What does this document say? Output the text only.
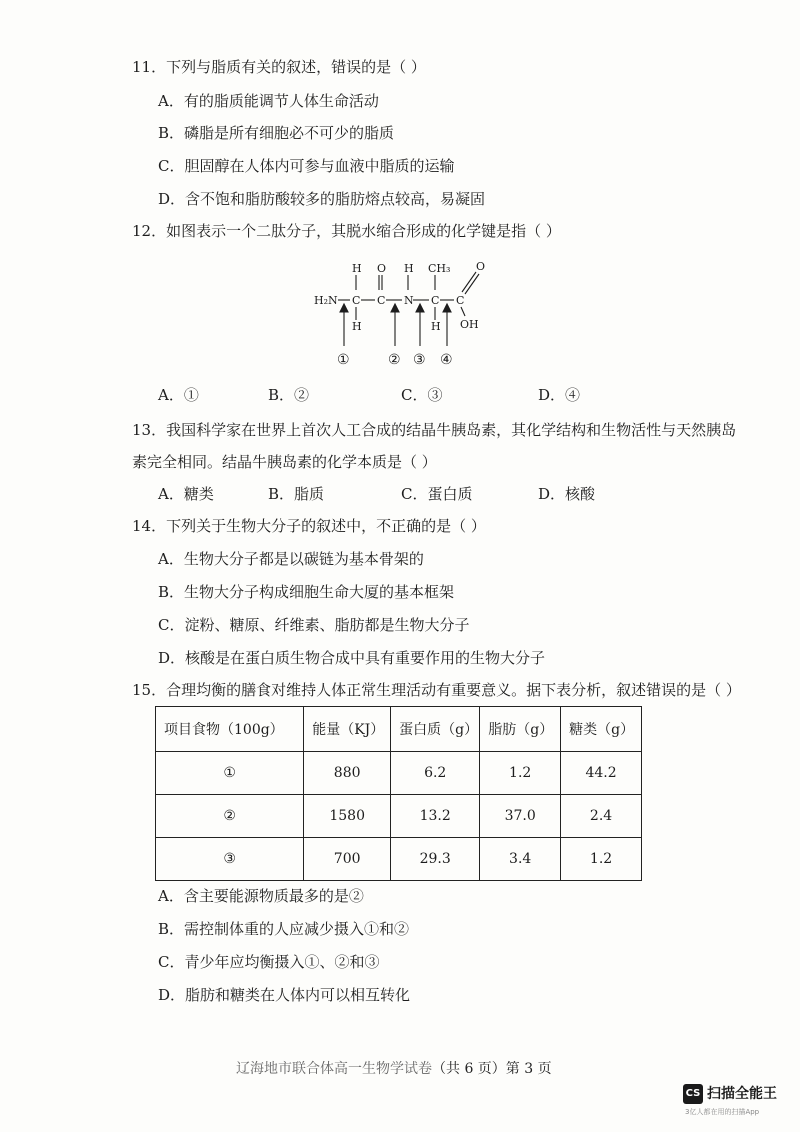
11．下列与脂质有关的叙述，错误的是（ ）
A．有的脂质能调节人体生命活动
B．磷脂是所有细胞必不可少的脂质
C．胆固醇在人体内可参与血液中脂质的运输
D．含不饱和脂肪酸较多的脂肪熔点较高，易凝固
12．如图表示一个二肽分子，其脱水缩合形成的化学键是指（ ）
H O H CH₃ O
H₂N C C N C C
H	H OH
①	② ③ ④
A．①	B．②	C．③	D．④
13．我国科学家在世界上首次人工合成的结晶牛胰岛素，其化学结构和生物活性与天然胰岛
素完全相同。结晶牛胰岛素的化学本质是（ ）
A．糖类	B．脂质	C．蛋白质	D．核酸
14．下列关于生物大分子的叙述中，不正确的是（ ）
A．生物大分子都是以碳链为基本骨架的
B．生物大分子构成细胞生命大厦的基本框架
C．淀粉、糖原、纤维素、脂肪都是生物大分子
D．核酸是在蛋白质生物合成中具有重要作用的生物大分子
15．合理均衡的膳食对维持人体正常生理活动有重要意义。据下表分析，叙述错误的是（ ）
项目食物（100g）	能量（KJ）	蛋白质（g）	脂肪（g）	糖类（g）
①	880	6.2	1.2	44.2
②	1580	13.2	37.0	2.4
③	700	29.3	3.4	1.2
A．含主要能源物质最多的是②
B．需控制体重的人应减少摄入①和②
C．青少年应均衡摄入①、②和③
D．脂肪和糖类在人体内可以相互转化
辽海地市联合体高一生物学试卷（共 6 页）第 3 页
CS 扫描全能王
3亿人都在用的扫描App
